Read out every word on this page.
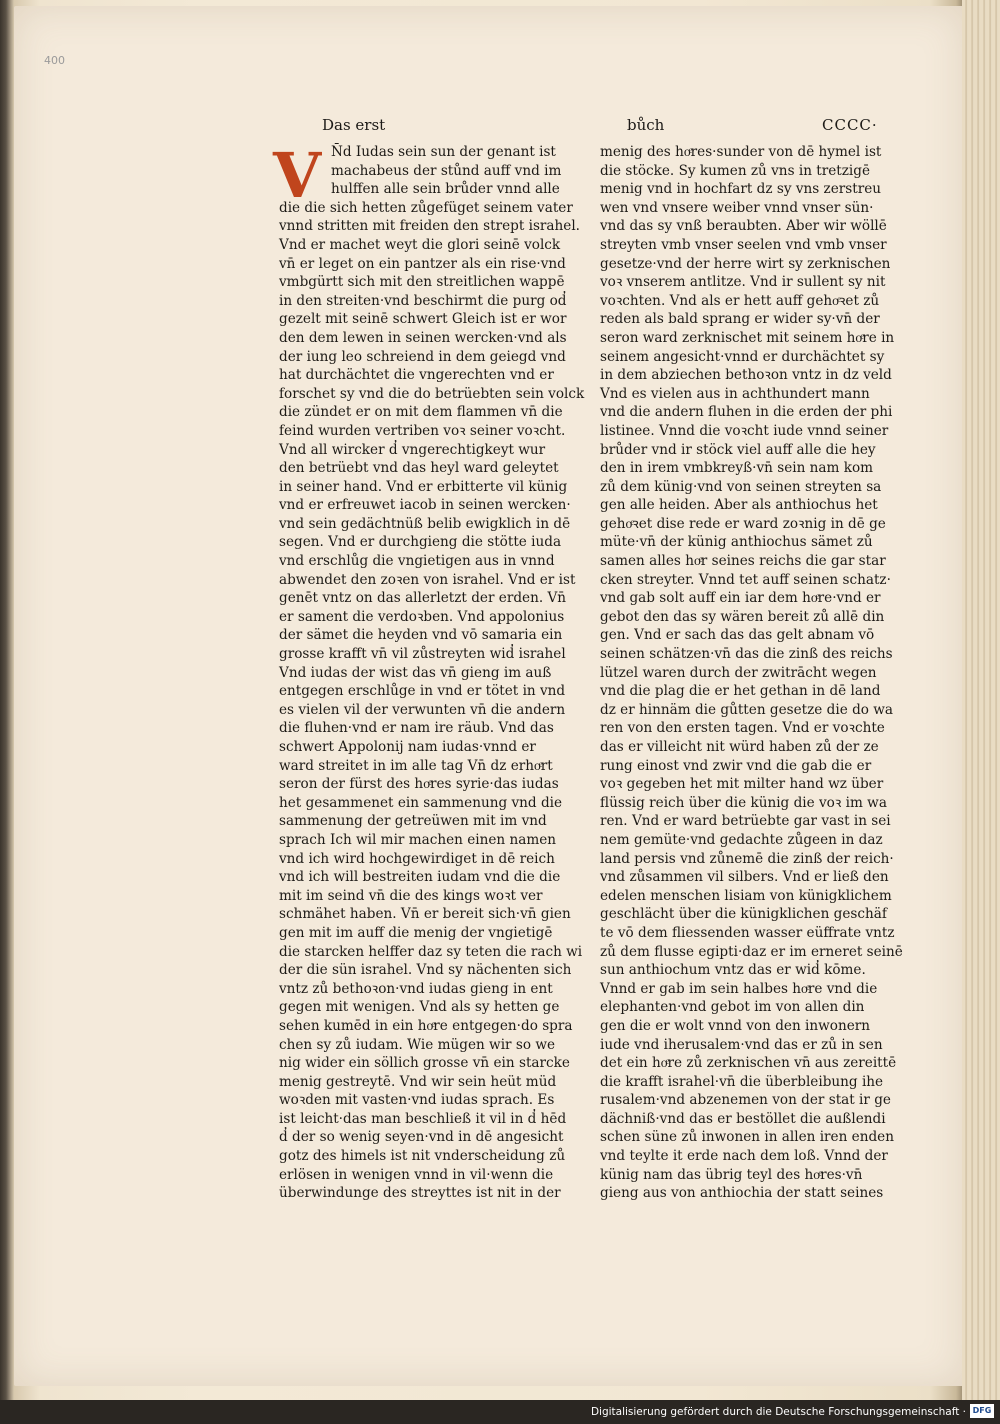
400
Das erst	bůch	CCCC·
V N̄d Iudas sein sun der genant ist
machabeus der stůnd auff vnd im
hulffen alle sein brůder vnnd alle
die die sich hetten zůgefüget seinem vater
vnnd stritten mit freiden den strept israhel.
Vnd er machet weyt die glori seinē volck
vn̄ er leget on ein pantzer als ein rise·vnd
vmbgürtt sich mit den streitlichen wappē
in den streiten·vnd beschirmt die purg od̓
gezelt mit seinē schwert Gleich ist er wor
den dem lewen in seinen wercken·vnd als
der iung leo schreiend in dem geiegd vnd
hat durchächtet die vngerechten vnd er
forschet sy vnd die do betrüebten sein volck
die zündet er on mit dem flammen vn̄ die
feind wurden vertriben voꝛ seiner voꝛcht.
Vnd all wircker d̓ vngerechtigkeyt wur
den betrüebt vnd das heyl ward geleytet
in seiner hand. Vnd er erbitterte vil künig
vnd er erfreuwet iacob in seinen wercken·
vnd sein gedächtnüß belib ewigklich in dē
segen. Vnd er durchgieng die stötte iuda
vnd erschlůg die vngietigen aus in vnnd
abwendet den zoꝛen von israhel. Vnd er ist
genēt vntz on das allerletzt der erden. Vn̄
er sament die verdoꝛben. Vnd appolonius
der sämet die heyden vnd vō samaria ein
grosse krafft vn̄ vil zůstreyten wid̓ israhel
Vnd iudas der wist das vn̄ gieng im auß
entgegen erschlůge in vnd er tötet in vnd
es vielen vil der verwunten vn̄ die andern
die fluhen·vnd er nam ire räub. Vnd das
schwert Appolonij nam iudas·vnnd er
ward streitet in im alle tag Vn̄ dz erhoͤrt
seron der fürst des hoͤres syrie·das iudas
het gesammenet ein sammenung vnd die
sammenung der getreüwen mit im vnd
sprach Ich wil mir machen einen namen
vnd ich wird hochgewirdiget in dē reich
vnd ich will bestreiten iudam vnd die die
mit im seind vn̄ die des kings woꝛt ver
schmähet haben. Vn̄ er bereit sich·vn̄ gien
gen mit im auff die menig der vngietigē
die starcken helffer daz sy teten die rach wi
der die sün israhel. Vnd sy nächenten sich
vntz zů bethoꝛon·vnd iudas gieng in ent
gegen mit wenigen. Vnd als sy hetten ge
sehen kumēd in ein hoͤre entgegen·do spra
chen sy zů iudam. Wie mügen wir so we
nig wider ein söllich grosse vn̄ ein starcke
menig gestreytē. Vnd wir sein heüt müd
woꝛden mit vasten·vnd iudas sprach. Es
ist leicht·das man beschließ it vil in d̓ hēd
d̓ der so wenig seyen·vnd in dē angesicht
gotz des himels ist nit vnderscheidung zů
erlösen in wenigen vnnd in vil·wenn die
überwindunge des streyttes ist nit in der
menig des hoͤres·sunder von dē hymel ist
die stöcke. Sy kumen zů vns in tretzigē
menig vnd in hochfart dz sy vns zerstreu
wen vnd vnsere weiber vnnd vnser sün·
vnd das sy vnß beraubten. Aber wir wöllē
streyten vmb vnser seelen vnd vmb vnser
gesetze·vnd der herre wirt sy zerknischen
voꝛ vnserem antlitze. Vnd ir sullent sy nit
voꝛchten. Vnd als er hett auff gehoͤꝛet zů
reden als bald sprang er wider sy·vn̄ der
seron ward zerknischet mit seinem hoͤre in
seinem angesicht·vnnd er durchächtet sy
in dem abziechen bethoꝛon vntz in dz veld
Vnd es vielen aus in achthundert mann
vnd die andern fluhen in die erden der phi
listinee. Vnnd die voꝛcht iude vnnd seiner
brůder vnd ir stöck viel auff alle die hey
den in irem vmbkreyß·vn̄ sein nam kom
zů dem künig·vnd von seinen streyten sa
gen alle heiden. Aber als anthiochus het
gehoͤꝛet dise rede er ward zoꝛnig in dē ge
müte·vn̄ der künig anthiochus sämet zů
samen alles hoͤr seines reichs die gar star
cken streyter. Vnnd tet auff seinen schatz·
vnd gab solt auff ein iar dem hoͤre·vnd er
gebot den das sy wären bereit zů allē din
gen. Vnd er sach das das gelt abnam vō
seinen schätzen·vn̄ das die zinß des reichs
lützel waren durch der zwitrācht wegen
vnd die plag die er het gethan in dē land
dz er hinnäm die gůtten gesetze die do wa
ren von den ersten tagen. Vnd er voꝛchte
das er villeicht nit würd haben zů der ze
rung einost vnd zwir vnd die gab die er
voꝛ gegeben het mit milter hand wz über
flüssig reich über die künig die voꝛ im wa
ren. Vnd er ward betrüebte gar vast in sei
nem gemüte·vnd gedachte zůgeen in daz
land persis vnd zůnemē die zinß der reich·
vnd zůsammen vil silbers. Vnd er ließ den
edelen menschen lisiam von künigklichem
geschlächt über die künigklichen geschäf
te vō dem fliessenden wasser eüffrate vntz
zů dem flusse egipti·daz er im erneret seinē
sun anthiochum vntz das er wid̓ kōme.
Vnnd er gab im sein halbes hoͤre vnd die
elephanten·vnd gebot im von allen din
gen die er wolt vnnd von den inwonern
iude vnd iherusalem·vnd das er zů in sen
det ein hoͤre zů zerknischen vn̄ aus zereittē
die krafft israhel·vn̄ die überbleibung ihe
rusalem·vnd abzenemen von der stat ir ge
dächniß·vnd das er bestöllet die außlendi
schen süne zů inwonen in allen iren enden
vnd teylte it erde nach dem loß. Vnnd der
künig nam das übrig teyl des hoͤres·vn̄
gieng aus von anthiochia der statt seines
Digitalisierung gefördert durch die Deutsche Forschungsgemeinschaft · DFG
